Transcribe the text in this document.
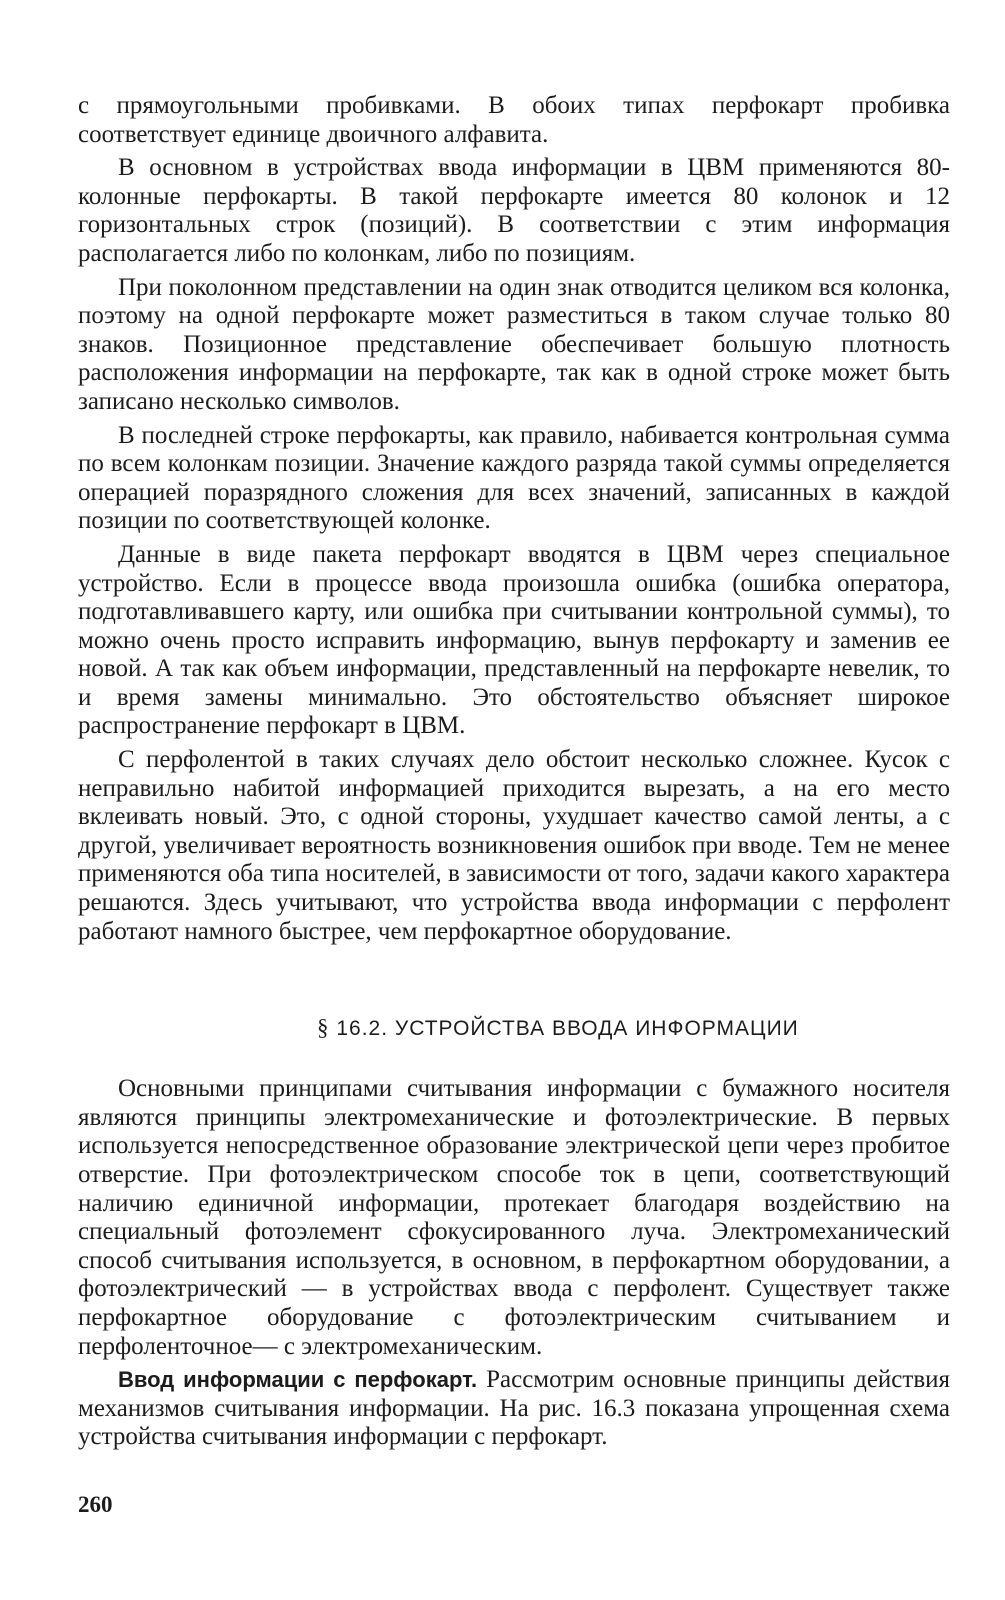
с прямоугольными пробивками. В обоих типах перфокарт пробивка соответствует единице двоичного алфавита.

В основном в устройствах ввода информации в ЦВМ применяются 80-колонные перфокарты. В такой перфокарте имеется 80 колонок и 12 горизонтальных строк (позиций). В соответствии с этим информация располагается либо по колонкам, либо по позициям.

При поколонном представлении на один знак отводится целиком вся колонка, поэтому на одной перфокарте может разместиться в таком случае только 80 знаков. Позиционное представление обеспечивает большую плотность расположения информации на перфокарте, так как в одной строке может быть записано несколько символов.

В последней строке перфокарты, как правило, набивается контрольная сумма по всем колонкам позиции. Значение каждого разряда такой суммы определяется операцией поразрядного сложения для всех значений, записанных в каждой позиции по соответствующей колонке.

Данные в виде пакета перфокарт вводятся в ЦВМ через специальное устройство. Если в процессе ввода произошла ошибка (ошибка оператора, подготавливавшего карту, или ошибка при считывании контрольной суммы), то можно очень просто исправить информацию, вынув перфокарту и заменив ее новой. А так как объем информации, представленный на перфокарте невелик, то и время замены минимально. Это обстоятельство объясняет широкое распространение перфокарт в ЦВМ.

С перфолентой в таких случаях дело обстоит несколько сложнее. Кусок с неправильно набитой информацией приходится вырезать, а на его место вклеивать новый. Это, с одной стороны, ухудшает качество самой ленты, а с другой, увеличивает вероятность возникновения ошибок при вводе. Тем не менее применяются оба типа носителей, в зависимости от того, задачи какого характера решаются. Здесь учитывают, что устройства ввода информации с перфолент работают намного быстрее, чем перфокартное оборудование.

§ 16.2. УСТРОЙСТВА ВВОДА ИНФОРМАЦИИ

Основными принципами считывания информации с бумажного носителя являются принципы электромеханические и фотоэлектрические. В первых используется непосредственное образование электрической цепи через пробитое отверстие. При фотоэлектрическом способе ток в цепи, соответствующий наличию единичной информации, протекает благодаря воздействию на специальный фотоэлемент сфокусированного луча. Электромеханический способ считывания используется, в основном, в перфокартном оборудовании, а фотоэлектрический — в устройствах ввода с перфолент. Существует также перфокартное оборудование с фотоэлектрическим считыванием и перфоленточное— с электромеханическим.

Ввод информации с перфокарт. Рассмотрим основные принципы действия механизмов считывания информации. На рис. 16.3 показана упрощенная схема устройства считывания информации с перфокарт.

260
